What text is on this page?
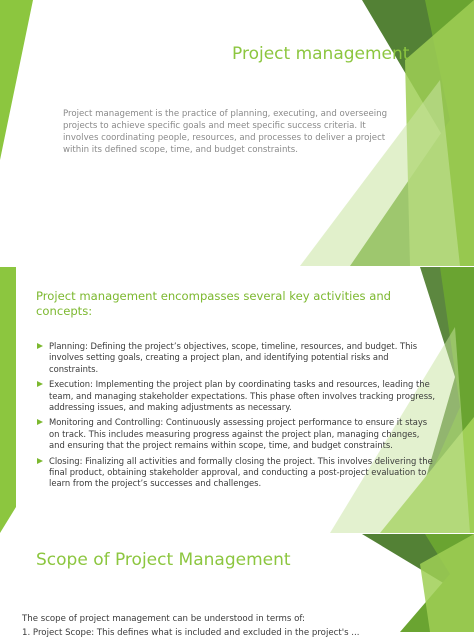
Project management
Project management is the practice of planning, executing, and overseeing projects to achieve specific goals and meet specific success criteria. It involves coordinating people, resources, and processes to deliver a project within its defined scope, time, and budget constraints.
Project management encompasses several key activities and concepts:
Planning: Defining the project’s objectives, scope, timeline, resources, and budget. This involves setting goals, creating a project plan, and identifying potential risks and constraints.
Execution: Implementing the project plan by coordinating tasks and resources, leading the team, and managing stakeholder expectations. This phase often involves tracking progress, addressing issues, and making adjustments as necessary.
Monitoring and Controlling: Continuously assessing project performance to ensure it stays on track. This includes measuring progress against the project plan, managing changes, and ensuring that the project remains within scope, time, and budget constraints.
Closing: Finalizing all activities and formally closing the project. This involves delivering the final product, obtaining stakeholder approval, and conducting a post-project evaluation to learn from the project’s successes and challenges.
Scope of Project Management
The scope of project management can be understood in terms of:
1. Project Scope: This defines what is included and excluded in the project's ...
